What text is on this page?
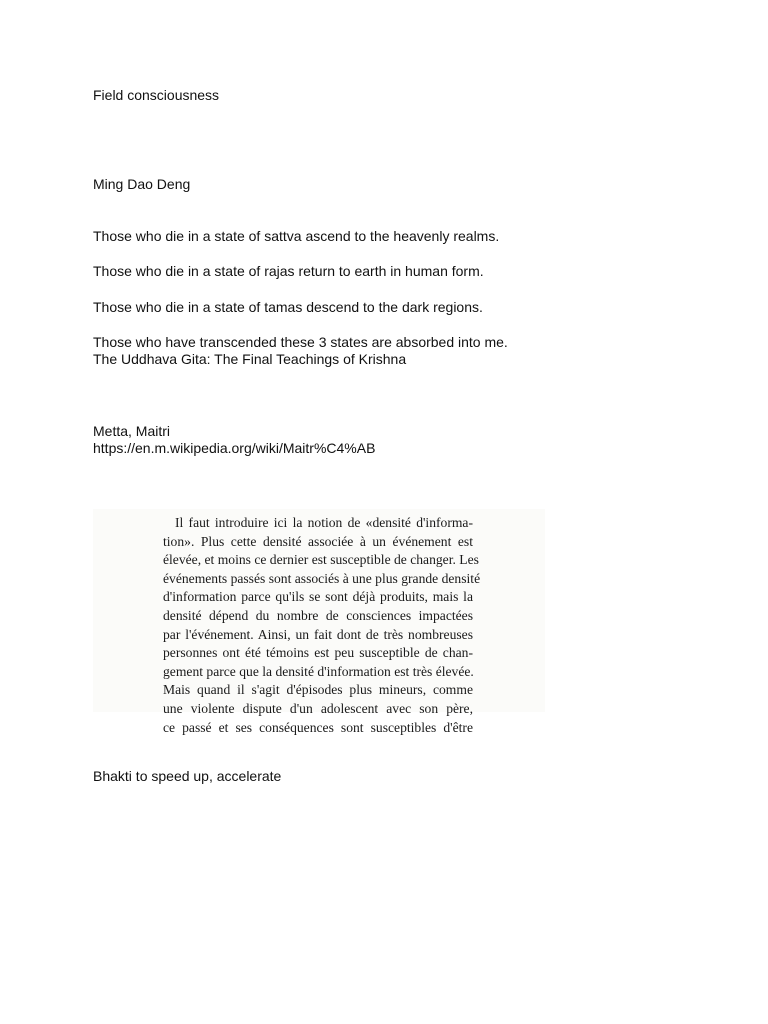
Field consciousness

Ming Dao Deng

Those who die in a state of sattva ascend to the heavenly realms.

Those who die in a state of rajas return to earth in human form.

Those who die in a state of tamas descend to the dark regions.

Those who have transcended these 3 states are absorbed into me.

The Uddhava Gita: The Final Teachings of Krishna

Metta, Maitri

https://en.m.wikipedia.org/wiki/Maitr%C4%AB

Il faut introduire ici la notion de «densité d'informa-
tion». Plus cette densité associée à un événement est
élevée, et moins ce dernier est susceptible de changer. Les
événements passés sont associés à une plus grande densité
d'information parce qu'ils se sont déjà produits, mais la
densité dépend du nombre de consciences impactées
par l'événement. Ainsi, un fait dont de très nombreuses
personnes ont été témoins est peu susceptible de chan-
gement parce que la densité d'information est très élevée.
Mais quand il s'agit d'épisodes plus mineurs, comme
une violente dispute d'un adolescent avec son père,
ce passé et ses conséquences sont susceptibles d'être

Bhakti to speed up, accelerate
